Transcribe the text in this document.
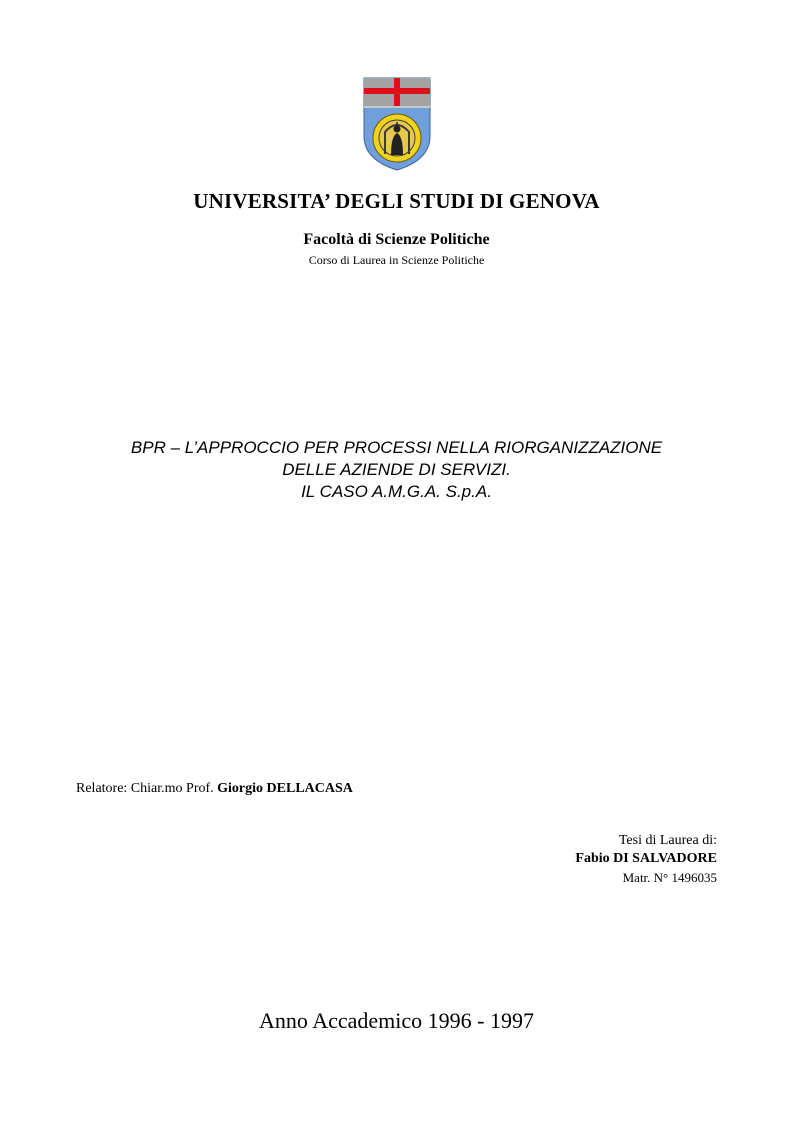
UNIVERSITA’ DEGLI STUDI DI GENOVA
Facoltà di Scienze Politiche
Corso di Laurea in Scienze Politiche
BPR – L’APPROCCIO PER PROCESSI NELLA RIORGANIZZAZIONE
DELLE AZIENDE DI SERVIZI.
IL CASO A.M.G.A. S.p.A.
Relatore: Chiar.mo Prof. Giorgio DELLACASA
Tesi di Laurea di:
Fabio DI SALVADORE
Matr. N° 1496035
Anno Accademico 1996 - 1997
